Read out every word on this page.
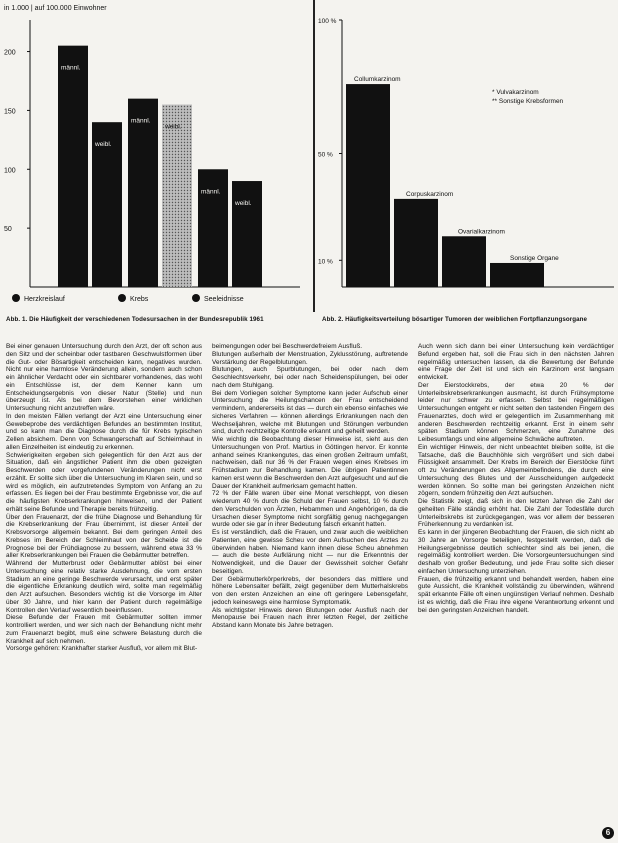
in 1.000 | auf 100.000 Einwohner
200
150
100
50
männl.
weibl.
männl.
weibl.
männl.
weibl.
Herzkreislauf	Krebs	Seeleidnisse
100 %
50 %
10 %
Collumkarzinom
Corpuskarzinom
Ovarialkarzinom
Sonstige Organe
* Vulvakarzinom
** Sonstige Krebsformen
Abb. 1. Die Häufigkeit der verschiedenen Todesursachen in der Bundesrepublik 1961	Abb. 2. Häufigkeitsverteilung bösartiger Tumoren der weiblichen Fortpflanzungsorgane

Bei einer genauen Untersuchung durch den Arzt, der oft schon aus den Sitz und der scheinbar oder tastbaren Geschwulstformen über die Gut- oder Bösartigkeit entscheiden kann, negatives wurden. Nicht nur eine harmlose Veränderung allein, sondern auch schon ein ähnlicher Verdacht oder ein sichtbarer vorhandenes, das wohl ein Entschlüsse ist, der dem Kenner kann um Entscheidungsergebnis von dieser Natur (Stelle) und nun überzeugt ist. Als bei dem Bevorstehen einer wirklichen Untersuchung nicht anzutreffen wäre.

In den meisten Fällen verlangt der Arzt eine Untersuchung einer Gewebeprobe des verdächtigen Befundes an bestimmten Institut, und so kann man die Diagnose durch die für Krebs typischen Zellen absichern. Denn von Schwangerschaft auf Schleimhaut in allen Einzelheiten ist eindeutig zu erkennen.

Schwierigkeiten ergeben sich gelegentlich für den Arzt aus der Situation, daß ein ängstlicher Patient ihm die oben gezeigten Beschwerden oder vorgefundenen Veränderungen nicht erst erzählt. Er sollte sich über die Untersuchung im Klaren sein, und so wird es möglich, ein aufzutretendes Symptom von Anfang an zu erfassen. Es liegen bei der Frau bestimmte Ergebnisse vor, die auf die häufigsten Krebserkrankungen hinweisen, und der Patient erhält seine Befunde und Therapie bereits frühzeitig.

Über den Frauenarzt, der die frühe Diagnose und Behandlung für die Krebserkrankung der Frau übernimmt, ist dieser Anteil der Krebsvorsorge allgemein bekannt. Bei dem geringen Anteil des Krebses im Bereich der Schleimhaut von der Scheide ist die Prognose bei der Frühdiagnose zu bessern, während etwa 33 % aller Krebserkrankungen bei Frauen die Gebärmutter betreffen.

Während der Mutterbrust oder Gebärmutter ablöst bei einer Untersuchung eine relativ starke Ausdehnung, die vom ersten Stadium an eine geringe Beschwerde verursacht, und erst später die eigentliche Erkrankung deutlich wird, sollte man regelmäßig den Arzt aufsuchen. Besonders wichtig ist die Vorsorge im Alter über 30 Jahre, und hier kann der Patient durch regelmäßige Kontrollen den Verlauf wesentlich beeinflussen.

Diese Befunde der Frauen mit Gebärmutter sollten immer kontrolliert werden, und wer sich nach der Behandlung nicht mehr zum Frauenarzt begibt, muß eine schwere Belastung durch die Krankheit auf sich nehmen.

Vorsorge gehören: Krankhafter starker Ausfluß, vor allem mit Blut-

beimengungen oder bei Beschwerdefreiem Ausfluß.

Blutungen außerhalb der Menstruation, Zyklusstörung, auftretende Verstärkung der Regelblutungen.

Blutungen, auch Spurblutungen, bei oder nach dem Geschlechtsverkehr, bei oder nach Scheidenspülungen, bei oder nach dem Stuhlgang.

Bei dem Vorliegen solcher Symptome kann jeder Aufschub einer Untersuchung die Heilungschancen der Frau entscheidend vermindern, andererseits ist das — durch ein ebenso einfaches wie sicheres Verfahren — können allerdings Erkrankungen nach den Wechseljahren, welche mit Blutungen und Störungen verbunden sind, durch rechtzeitige Kontrolle erkannt und geheilt werden.

Wie wichtig die Beobachtung dieser Hinweise ist, sieht aus den Untersuchungen von Prof. Martius in Göttingen hervor. Er konnte anhand seines Krankengutes, das einen großen Zeitraum umfaßt, nachweisen, daß nur 36 % der Frauen wegen eines Krebses im Frühstadium zur Behandlung kamen. Die übrigen Patientinnen kamen erst wenn die Beschwerden den Arzt aufgesucht und auf die Dauer der Krankheit aufmerksam gemacht hatten.

72 % der Fälle waren über eine Monat verschleppt, von diesen wiederum 40 % durch die Schuld der Frauen selbst, 10 % durch den Verschulden von Ärzten, Hebammen und Angehörigen, da die Ursachen dieser Symptome nicht sorgfältig genug nachgegangen wurde oder sie gar in ihrer Bedeutung falsch erkannt hatten.

Es ist verständlich, daß die Frauen, und zwar auch die weiblichen Patienten, eine gewisse Scheu vor dem Aufsuchen des Arztes zu überwinden haben. Niemand kann ihnen diese Scheu abnehmen — auch die beste Aufklärung nicht — nur die Erkenntnis der Notwendigkeit, und die Dauer der Gewissheit solcher Gefahr beseitigen.

Der Gebärmutterkörperkrebs, der besonders das mittlere und höhere Lebensalter befällt, zeigt gegenüber dem Mutterhalskrebs von den ersten Anzeichen an eine oft geringere Lebensgefahr, jedoch keineswegs eine harmlose Symptomatik.

Als wichtigster Hinweis deren Blutungen oder Ausfluß nach der Menopause bei Frauen nach ihrer letzten Regel, der zeitliche Abstand kann Monate bis Jahre betragen.

Auch wenn sich dann bei einer Untersuchung kein verdächtiger Befund ergeben hat, soll die Frau sich in den nächsten Jahren regelmäßig untersuchen lassen, da die Bewertung der Befunde eine Frage der Zeit ist und sich ein Karzinom erst langsam entwickelt.

Der Eierstockkrebs, der etwa 20 % der Unterleibskrebserkrankungen ausmacht, ist durch Frühsymptome leider nur schwer zu erfassen. Selbst bei regelmäßigen Untersuchungen entgeht er nicht selten den tastenden Fingern des Frauenarztes, doch wird er gelegentlich im Zusammenhang mit anderen Beschwerden rechtzeitig erkannt. Erst in einem sehr späten Stadium können Schmerzen, eine Zunahme des Leibesumfangs und eine allgemeine Schwäche auftreten.

Ein wichtiger Hinweis, der nicht unbeachtet bleiben sollte, ist die Tatsache, daß die Bauchhöhle sich vergrößert und sich dabei Flüssigkeit ansammelt. Der Krebs im Bereich der Eierstöcke führt oft zu Veränderungen des Allgemeinbefindens, die durch eine Untersuchung des Blutes und der Ausscheidungen aufgedeckt werden können. So sollte man bei geringsten Anzeichen nicht zögern, sondern frühzeitig den Arzt aufsuchen.

Die Statistik zeigt, daß sich in den letzten Jahren die Zahl der geheilten Fälle ständig erhöht hat. Die Zahl der Todesfälle durch Unterleibskrebs ist zurückgegangen, was vor allem der besseren Früherkennung zu verdanken ist.

Es kann in der jüngeren Beobachtung der Frauen, die sich nicht ab 30 Jahre an Vorsorge beteiligen, festgestellt werden, daß die Heilungsergebnisse deutlich schlechter sind als bei jenen, die regelmäßig kontrolliert werden. Die Vorsorgeuntersuchungen sind deshalb von großer Bedeutung, und jede Frau sollte sich dieser einfachen Untersuchung unterziehen.

Frauen, die frühzeitig erkannt und behandelt werden, haben eine gute Aussicht, die Krankheit vollständig zu überwinden, während spät erkannte Fälle oft einen ungünstigen Verlauf nehmen. Deshalb ist es wichtig, daß die Frau ihre eigene Verantwortung erkennt und bei den geringsten Anzeichen handelt.

6
